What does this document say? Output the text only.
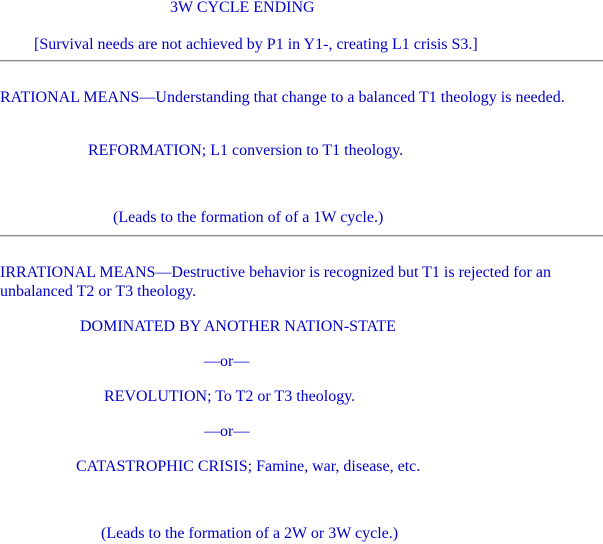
3W CYCLE ENDING
[Survival needs are not achieved by P1 in Y1-, creating L1 crisis S3.]
RATIONAL MEANS—Understanding that change to a balanced T1 theology is needed.
REFORMATION; L1 conversion to T1 theology.
(Leads to the formation of of a 1W cycle.)
IRRATIONAL MEANS—Destructive behavior is recognized but T1 is rejected for an unbalanced T2 or T3 theology.
DOMINATED BY ANOTHER NATION-STATE
—or—
REVOLUTION; To T2 or T3 theology.
—or—
CATASTROPHIC CRISIS; Famine, war, disease, etc.
(Leads to the formation of a 2W or 3W cycle.)
